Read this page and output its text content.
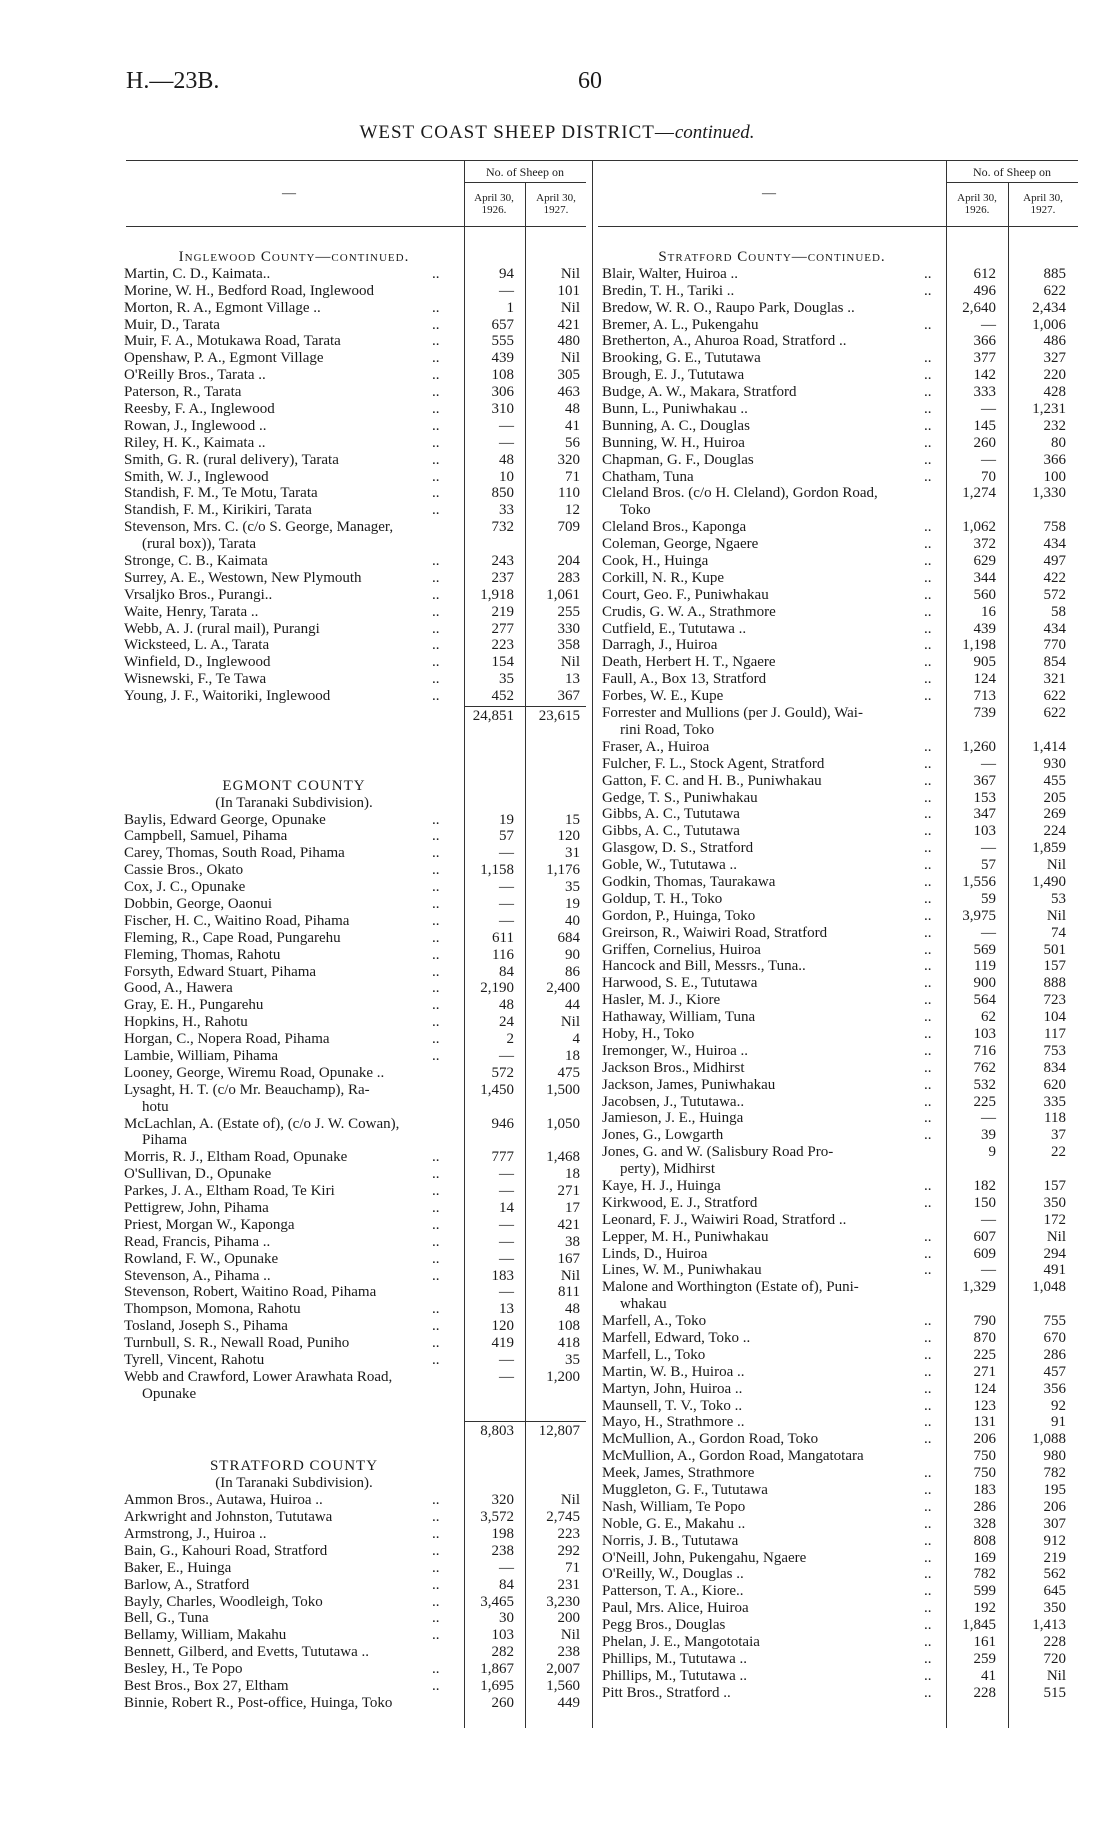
H.—23B.	60
WEST COAST SHEEP DISTRICT—continued.
—	—
No. of Sheep on
April 30, 1926.
April 30, 1927.
No. of Sheep on
April 30, 1926.
April 30, 1927.
Inglewood County—continued.
Martin, C. D., Kaimata..	..	94	Nil
Morine, W. H., Bedford Road, Inglewood	—	101
Morton, R. A., Egmont Village ..	..	1	Nil
Muir, D., Tarata	..	657	421
Muir, F. A., Motukawa Road, Tarata	..	555	480
Openshaw, P. A., Egmont Village	..	439	Nil
O'Reilly Bros., Tarata ..	..	108	305
Paterson, R., Tarata	..	306	463
Reesby, F. A., Inglewood	..	310	48
Rowan, J., Inglewood ..	..	—	41
Riley, H. K., Kaimata ..	..	—	56
Smith, G. R. (rural delivery), Tarata	..	48	320
Smith, W. J., Inglewood	..	10	71
Standish, F. M., Te Motu, Tarata	..	850	110
Standish, F. M., Kirikiri, Tarata	..	33	12
Stevenson, Mrs. C. (c/o S. George, Manager,	732	709
(rural box)), Tarata
Stronge, C. B., Kaimata	..	243	204
Surrey, A. E., Westown, New Plymouth	..	237	283
Vrsaljko Bros., Purangi..	..	1,918	1,061
Waite, Henry, Tarata ..	..	219	255
Webb, A. J. (rural mail), Purangi	..	277	330
Wicksteed, L. A., Tarata	..	223	358
Winfield, D., Inglewood	..	154	Nil
Wisnewski, F., Te Tawa	..	35	13
Young, J. F., Waitoriki, Inglewood	..	452	367
24,851	23,615
EGMONT COUNTY
(In Taranaki Subdivision).
Baylis, Edward George, Opunake	..	19	15
Campbell, Samuel, Pihama	..	57	120
Carey, Thomas, South Road, Pihama	..	—	31
Cassie Bros., Okato	..	1,158	1,176
Cox, J. C., Opunake	..	—	35
Dobbin, George, Oaonui	..	—	19
Fischer, H. C., Waitino Road, Pihama	..	—	40
Fleming, R., Cape Road, Pungarehu	..	611	684
Fleming, Thomas, Rahotu	..	116	90
Forsyth, Edward Stuart, Pihama	..	84	86
Good, A., Hawera	..	2,190	2,400
Gray, E. H., Pungarehu	..	48	44
Hopkins, H., Rahotu	..	24	Nil
Horgan, C., Nopera Road, Pihama	..	2	4
Lambie, William, Pihama	..	—	18
Looney, George, Wiremu Road, Opunake ..	572	475
Lysaght, H. T. (c/o Mr. Beauchamp), Ra-	1,450	1,500
hotu
McLachlan, A. (Estate of), (c/o J. W. Cowan),	946	1,050
Pihama
Morris, R. J., Eltham Road, Opunake	..	777	1,468
O'Sullivan, D., Opunake	..	—	18
Parkes, J. A., Eltham Road, Te Kiri	..	—	271
Pettigrew, John, Pihama	..	14	17
Priest, Morgan W., Kaponga	..	—	421
Read, Francis, Pihama ..	..	—	38
Rowland, F. W., Opunake	..	—	167
Stevenson, A., Pihama ..	..	183	Nil
Stevenson, Robert, Waitino Road, Pihama	—	811
Thompson, Momona, Rahotu	..	13	48
Tosland, Joseph S., Pihama	..	120	108
Turnbull, S. R., Newall Road, Puniho	..	419	418
Tyrell, Vincent, Rahotu	..	—	35
Webb and Crawford, Lower Arawhata Road,	—	1,200
Opunake
8,803	12,807
STRATFORD COUNTY
(In Taranaki Subdivision).
Ammon Bros., Autawa, Huiroa ..	..	320	Nil
Arkwright and Johnston, Tututawa	..	3,572	2,745
Armstrong, J., Huiroa ..	..	198	223
Bain, G., Kahouri Road, Stratford	..	238	292
Baker, E., Huinga	..	—	71
Barlow, A., Stratford	..	84	231
Bayly, Charles, Woodleigh, Toko	..	3,465	3,230
Bell, G., Tuna	..	30	200
Bellamy, William, Makahu	..	103	Nil
Bennett, Gilberd, and Evetts, Tututawa ..	282	238
Besley, H., Te Popo	..	1,867	2,007
Best Bros., Box 27, Eltham	..	1,695	1,560
Binnie, Robert R., Post-office, Huinga, Toko	260	449
Stratford County—continued.
Blair, Walter, Huiroa ..	..	612	885
Bredin, T. H., Tariki ..	..	496	622
Bredow, W. R. O., Raupo Park, Douglas ..	2,640	2,434
Bremer, A. L., Pukengahu	..	—	1,006
Bretherton, A., Ahuroa Road, Stratford ..	366	486
Brooking, G. E., Tututawa	..	377	327
Brough, E. J., Tututawa	..	142	220
Budge, A. W., Makara, Stratford	..	333	428
Bunn, L., Puniwhakau ..	..	—	1,231
Bunning, A. C., Douglas	..	145	232
Bunning, W. H., Huiroa	..	260	80
Chapman, G. F., Douglas	..	—	366
Chatham, Tuna	..	70	100
Cleland Bros. (c/o H. Cleland), Gordon Road,	1,274	1,330
Toko
Cleland Bros., Kaponga	..	1,062	758
Coleman, George, Ngaere	..	372	434
Cook, H., Huinga	..	629	497
Corkill, N. R., Kupe	..	344	422
Court, Geo. F., Puniwhakau	..	560	572
Crudis, G. W. A., Strathmore	..	16	58
Cutfield, E., Tututawa ..	..	439	434
Darragh, J., Huiroa	..	1,198	770
Death, Herbert H. T., Ngaere	..	905	854
Faull, A., Box 13, Stratford	..	124	321
Forbes, W. E., Kupe	..	713	622
Forrester and Mullions (per J. Gould), Wai-	739	622
rini Road, Toko
Fraser, A., Huiroa	..	1,260	1,414
Fulcher, F. L., Stock Agent, Stratford	..	—	930
Gatton, F. C. and H. B., Puniwhakau	..	367	455
Gedge, T. S., Puniwhakau	..	153	205
Gibbs, A. C., Tututawa	..	347	269
Gibbs, A. C., Tututawa	..	103	224
Glasgow, D. S., Stratford	..	—	1,859
Goble, W., Tututawa ..	..	57	Nil
Godkin, Thomas, Taurakawa	..	1,556	1,490
Goldup, T. H., Toko	..	59	53
Gordon, P., Huinga, Toko	..	3,975	Nil
Greirson, R., Waiwiri Road, Stratford	..	—	74
Griffen, Cornelius, Huiroa	..	569	501
Hancock and Bill, Messrs., Tuna..	..	119	157
Harwood, S. E., Tututawa	..	900	888
Hasler, M. J., Kiore	..	564	723
Hathaway, William, Tuna	..	62	104
Hoby, H., Toko	..	103	117
Iremonger, W., Huiroa ..	..	716	753
Jackson Bros., Midhirst	..	762	834
Jackson, James, Puniwhakau	..	532	620
Jacobsen, J., Tututawa..	..	225	335
Jamieson, J. E., Huinga	..	—	118
Jones, G., Lowgarth	..	39	37
Jones, G. and W. (Salisbury Road Pro-	9	22
perty), Midhirst
Kaye, H. J., Huinga	..	182	157
Kirkwood, E. J., Stratford	..	150	350
Leonard, F. J., Waiwiri Road, Stratford ..	—	172
Lepper, M. H., Puniwhakau	..	607	Nil
Linds, D., Huiroa	..	609	294
Lines, W. M., Puniwhakau	..	—	491
Malone and Worthington (Estate of), Puni-	1,329	1,048
whakau
Marfell, A., Toko	..	790	755
Marfell, Edward, Toko ..	..	870	670
Marfell, L., Toko	..	225	286
Martin, W. B., Huiroa ..	..	271	457
Martyn, John, Huiroa ..	..	124	356
Maunsell, T. V., Toko ..	..	123	92
Mayo, H., Strathmore ..	..	131	91
McMullion, A., Gordon Road, Toko	..	206	1,088
McMullion, A., Gordon Road, Mangatotara	750	980
Meek, James, Strathmore	..	750	782
Muggleton, G. F., Tututawa	..	183	195
Nash, William, Te Popo	..	286	206
Noble, G. E., Makahu ..	..	328	307
Norris, J. B., Tututawa	..	808	912
O'Neill, John, Pukengahu, Ngaere	..	169	219
O'Reilly, W., Douglas ..	..	782	562
Patterson, T. A., Kiore..	..	599	645
Paul, Mrs. Alice, Huiroa	..	192	350
Pegg Bros., Douglas	..	1,845	1,413
Phelan, J. E., Mangototaia	..	161	228
Phillips, M., Tututawa ..	..	259	720
Phillips, M., Tututawa ..	..	41	Nil
Pitt Bros., Stratford ..	..	228	515
